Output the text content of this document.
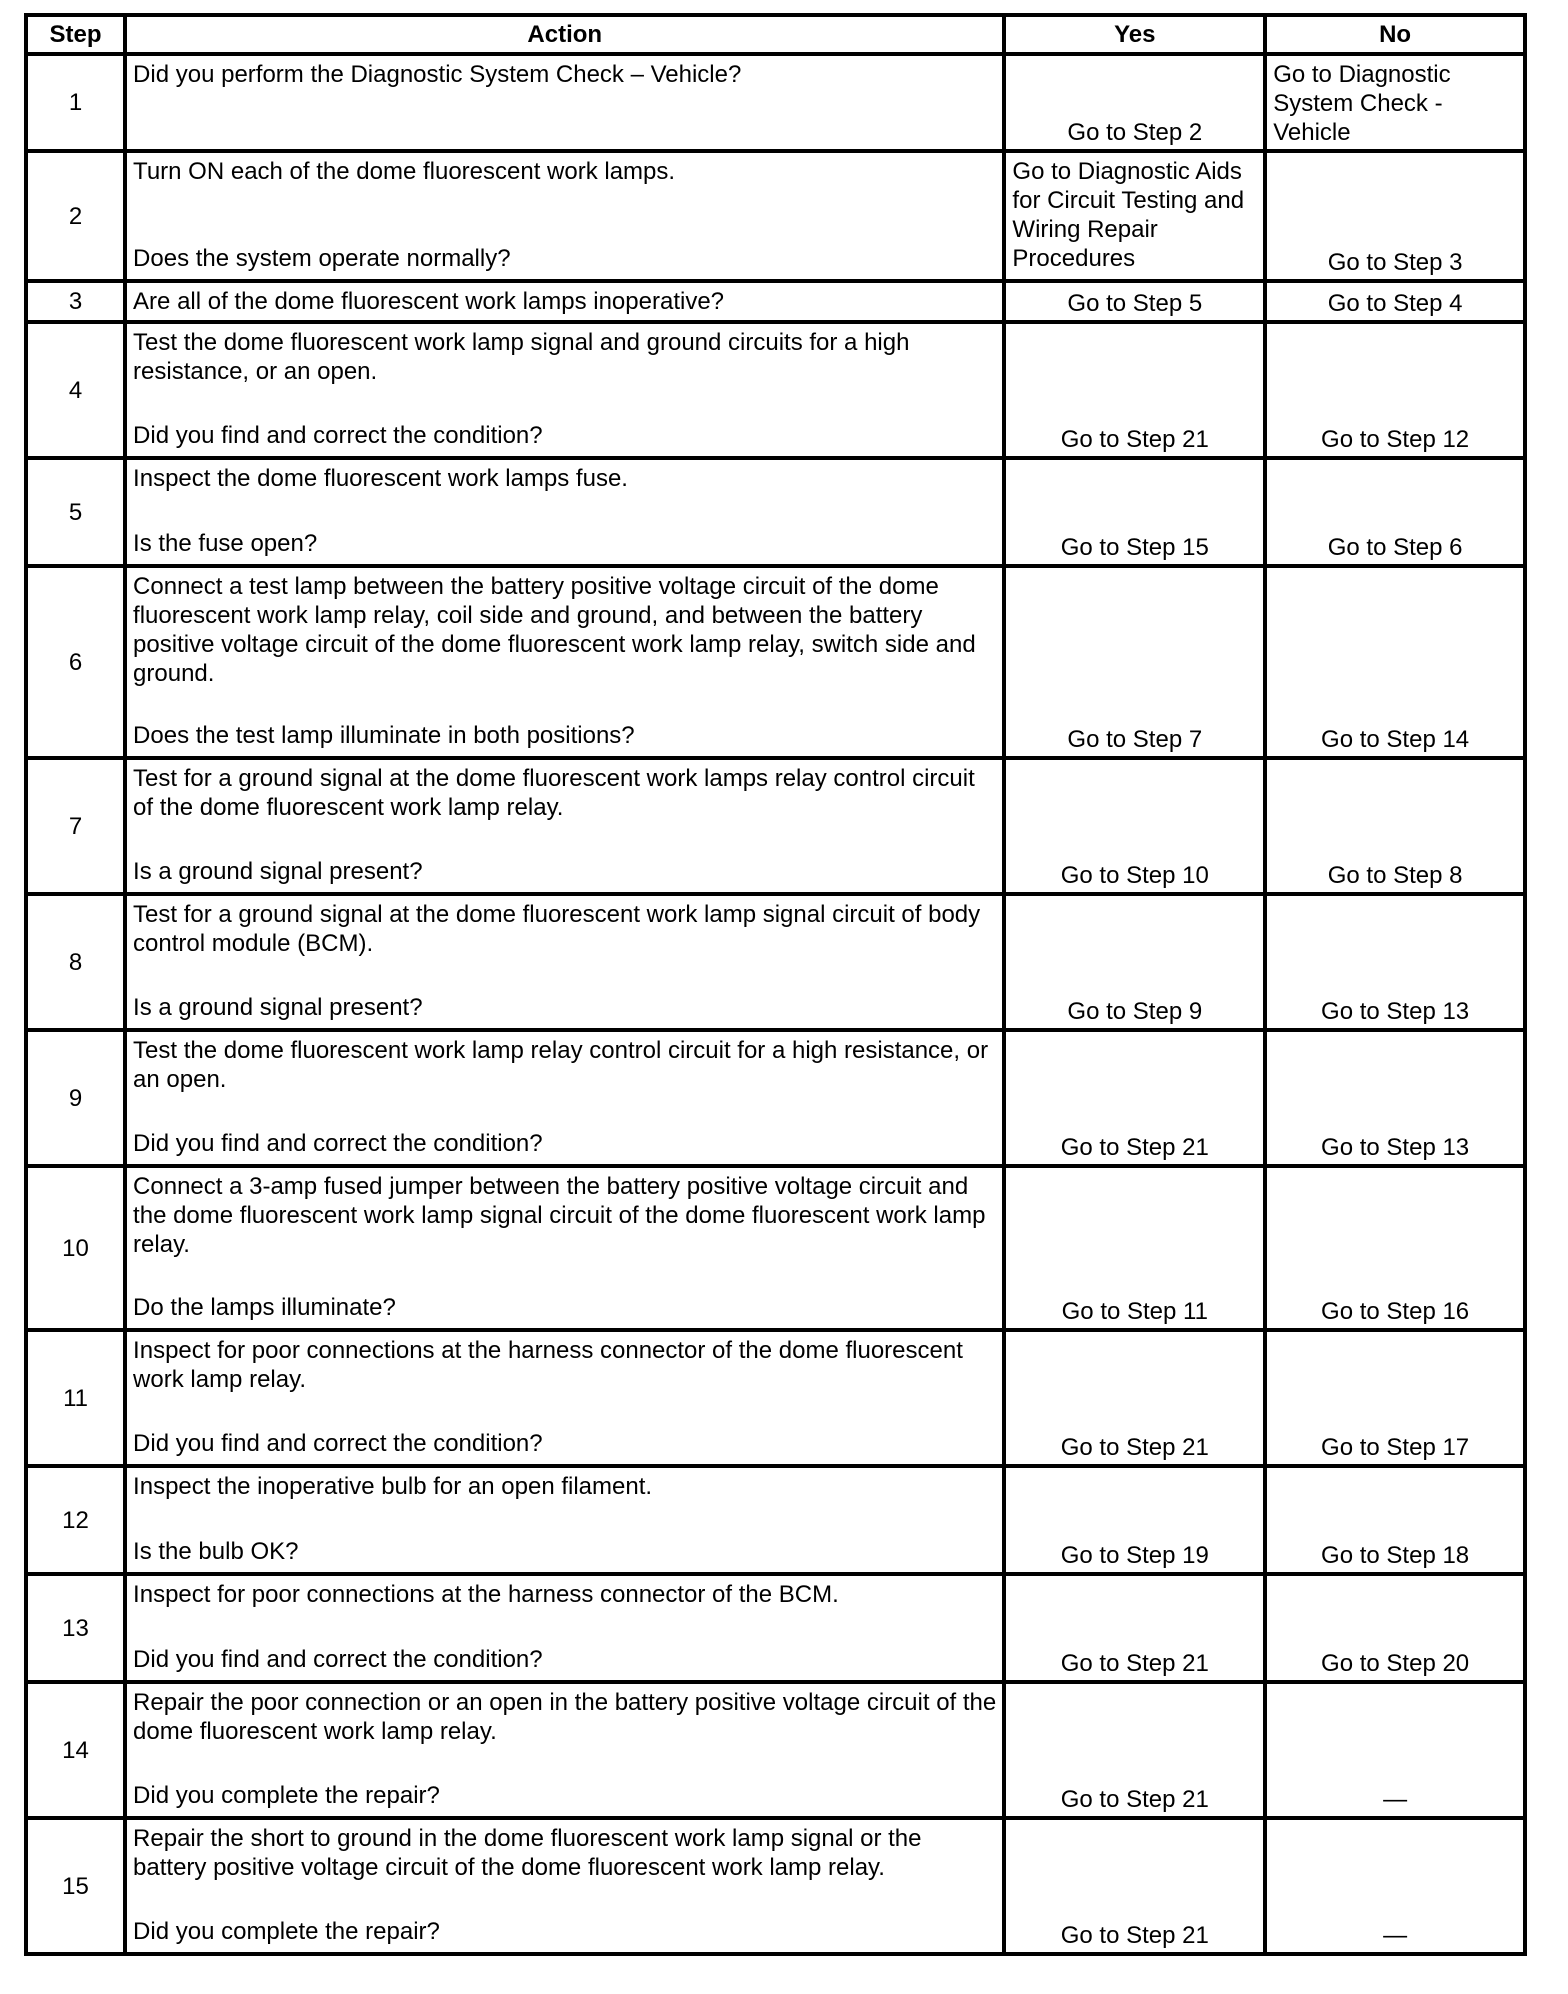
Step	Action	Yes	No
1	Did you perform the Diagnostic System Check – Vehicle?	Go to Step 2	Go to Diagnostic System Check - Vehicle

2	Turn ON each of the dome fluorescent work lamps.
Does the system operate normally?	Go to Diagnostic Aids for Circuit Testing and Wiring Repair Procedures	Go to Step 3

3	Are all of the dome fluorescent work lamps inoperative?	Go to Step 5	Go to Step 4

4	Test the dome fluorescent work lamp signal and ground circuits for a high resistance, or an open.
Did you find and correct the condition?	Go to Step 21	Go to Step 12

5	Inspect the dome fluorescent work lamps fuse.
Is the fuse open?	Go to Step 15	Go to Step 6

6	Connect a test lamp between the battery positive voltage circuit of the dome fluorescent work lamp relay, coil side and ground, and between the battery positive voltage circuit of the dome fluorescent work lamp relay, switch side and ground.
Does the test lamp illuminate in both positions?	Go to Step 7	Go to Step 14

7	Test for a ground signal at the dome fluorescent work lamps relay control circuit of the dome fluorescent work lamp relay.
Is a ground signal present?	Go to Step 10	Go to Step 8

8	Test for a ground signal at the dome fluorescent work lamp signal circuit of body control module (BCM).
Is a ground signal present?	Go to Step 9	Go to Step 13

9	Test the dome fluorescent work lamp relay control circuit for a high resistance, or an open.
Did you find and correct the condition?	Go to Step 21	Go to Step 13

10	Connect a 3-amp fused jumper between the battery positive voltage circuit and the dome fluorescent work lamp signal circuit of the dome fluorescent work lamp relay.
Do the lamps illuminate?	Go to Step 11	Go to Step 16

11	Inspect for poor connections at the harness connector of the dome fluorescent work lamp relay.
Did you find and correct the condition?	Go to Step 21	Go to Step 17

12	Inspect the inoperative bulb for an open filament.
Is the bulb OK?	Go to Step 19	Go to Step 18

13	Inspect for poor connections at the harness connector of the BCM.
Did you find and correct the condition?	Go to Step 21	Go to Step 20

14	Repair the poor connection or an open in the battery positive voltage circuit of the dome fluorescent work lamp relay.
Did you complete the repair?	Go to Step 21	—

15	Repair the short to ground in the dome fluorescent work lamp signal or the battery positive voltage circuit of the dome fluorescent work lamp relay.
Did you complete the repair?	Go to Step 21	—
